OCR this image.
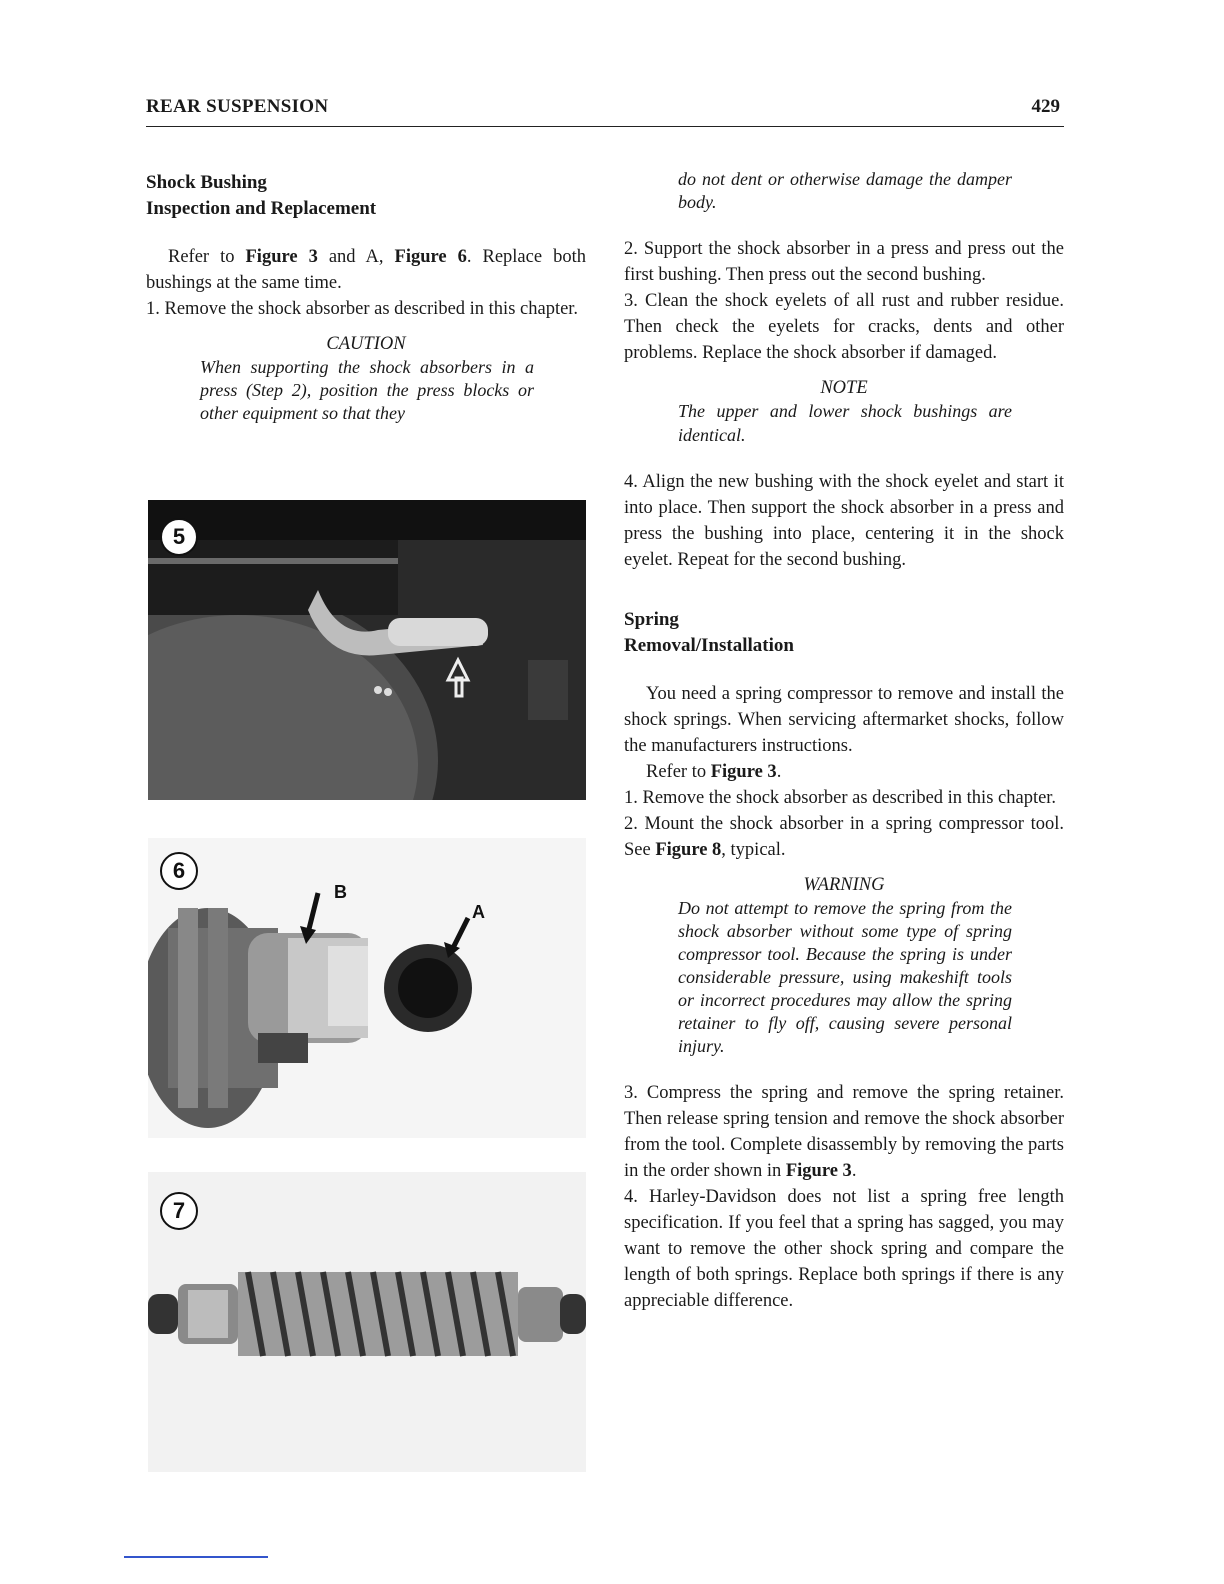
REAR SUSPENSION	429
Shock Bushing
Inspection and Replacement

Refer to Figure 3 and A, Figure 6. Replace both bushings at the same time.

1. Remove the shock absorber as described in this chapter.

CAUTION
When supporting the shock absorbers in a press (Step 2), position the press blocks or other equipment so that they
5
6
B
A
7
do not dent or otherwise damage the damper body.

2. Support the shock absorber in a press and press out the first bushing. Then press out the second bushing.

3. Clean the shock eyelets of all rust and rubber residue. Then check the eyelets for cracks, dents and other problems. Replace the shock absorber if damaged.

NOTE
The upper and lower shock bushings are identical.

4. Align the new bushing with the shock eyelet and start it into place. Then support the shock absorber in a press and press the bushing into place, centering it in the shock eyelet. Repeat for the second bushing.

Spring
Removal/Installation

You need a spring compressor to remove and install the shock springs. When servicing aftermarket shocks, follow the manufacturers instructions.

Refer to Figure 3.

1. Remove the shock absorber as described in this chapter.

2. Mount the shock absorber in a spring compressor tool. See Figure 8, typical.

WARNING
Do not attempt to remove the spring from the shock absorber without some type of spring compressor tool. Because the spring is under considerable pressure, using makeshift tools or incorrect procedures may allow the spring retainer to fly off, causing severe personal injury.

3. Compress the spring and remove the spring retainer. Then release spring tension and remove the shock absorber from the tool. Complete disassembly by removing the parts in the order shown in Figure 3.

4. Harley-Davidson does not list a spring free length specification. If you feel that a spring has sagged, you may want to remove the other shock spring and compare the length of both springs. Replace both springs if there is any appreciable difference.
